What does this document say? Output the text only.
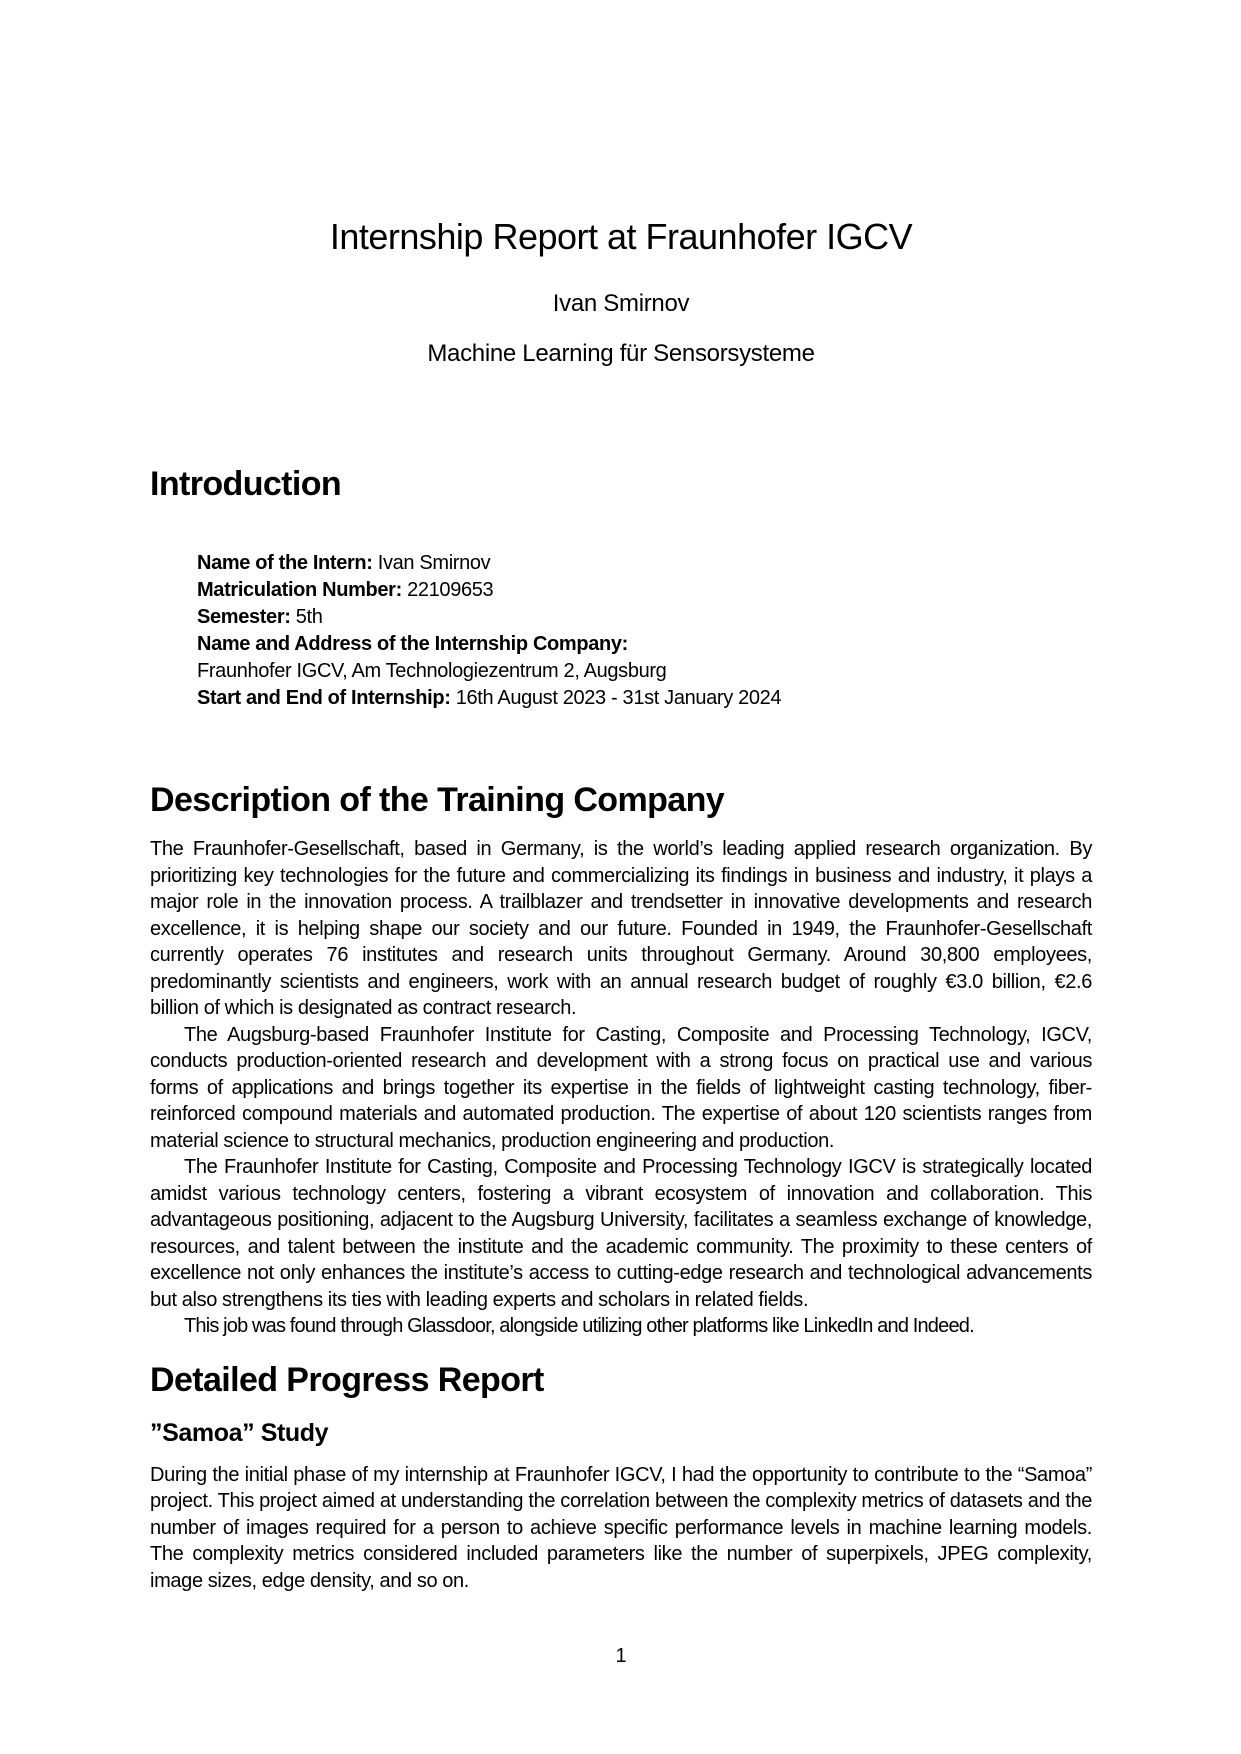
Internship Report at Fraunhofer IGCV
Ivan Smirnov
Machine Learning für Sensorsysteme
Introduction
Name of the Intern: Ivan Smirnov
Matriculation Number: 22109653
Semester: 5th
Name and Address of the Internship Company:
Fraunhofer IGCV, Am Technologiezentrum 2, Augsburg
Start and End of Internship: 16th August 2023 - 31st January 2024
Description of the Training Company

The Fraunhofer-Gesellschaft, based in Germany, is the world’s leading applied research organization. By prioritizing key technologies for the future and commercializing its findings in business and industry, it plays a major role in the innovation process. A trailblazer and trendsetter in innovative developments and research excellence, it is helping shape our society and our future. Founded in 1949, the Fraunhofer-Gesellschaft currently operates 76 institutes and research units throughout Germany. Around 30,800 employees, predominantly scientists and engineers, work with an annual research budget of roughly €3.0 billion, €2.6 billion of which is designated as contract research.

The Augsburg-based Fraunhofer Institute for Casting, Composite and Processing Technology, IGCV, conducts production-oriented research and development with a strong focus on practical use and various forms of applications and brings together its expertise in the fields of lightweight casting technology, fiber-reinforced compound materials and automated production. The expertise of about 120 scientists ranges from material science to structural mechanics, production engineering and production.

The Fraunhofer Institute for Casting, Composite and Processing Technology IGCV is strategically located amidst various technology centers, fostering a vibrant ecosystem of innovation and collaboration. This advantageous positioning, adjacent to the Augsburg University, facilitates a seamless exchange of knowledge, resources, and talent between the institute and the academic community. The proximity to these centers of excellence not only enhances the institute’s access to cutting-edge research and technological advancements but also strengthens its ties with leading experts and scholars in related fields.

This job was found through Glassdoor, alongside utilizing other platforms like LinkedIn and Indeed.

Detailed Progress Report
”Samoa” Study

During the initial phase of my internship at Fraunhofer IGCV, I had the opportunity to contribute to the “Samoa” project. This project aimed at understanding the correlation between the complexity metrics of datasets and the number of images required for a person to achieve specific performance levels in machine learning models. The complexity metrics considered included parameters like the number of superpixels, JPEG complexity, image sizes, edge density, and so on.

1
